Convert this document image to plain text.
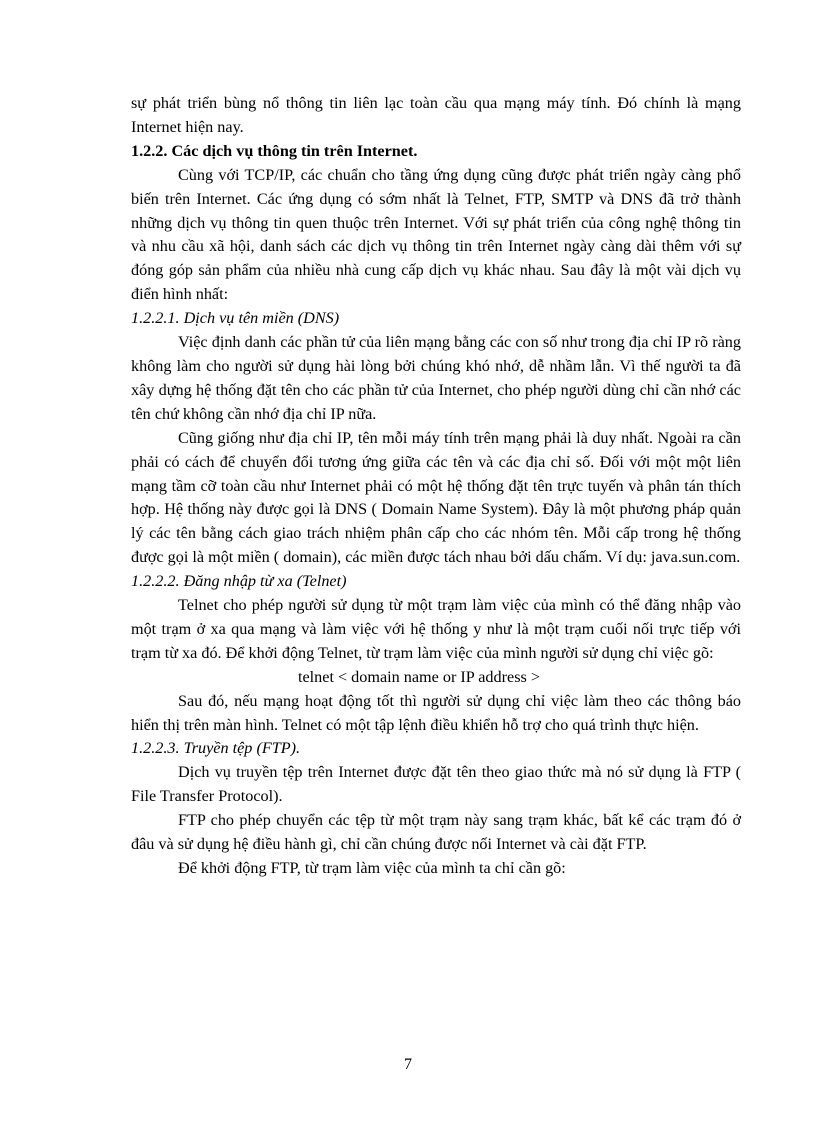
sự phát triển bùng nổ thông tin liên lạc toàn cầu qua mạng máy tính. Đó chính là mạng Internet hiện nay.

1.2.2. Các dịch vụ thông tin trên Internet.

Cùng với TCP/IP, các chuẩn cho tầng ứng dụng cũng được phát triển ngày càng phổ biến trên Internet. Các ứng dụng có sớm nhất là Telnet, FTP, SMTP và DNS đã trở thành những dịch vụ thông tin quen thuộc trên Internet. Với sự phát triển của công nghệ thông tin và nhu cầu xã hội, danh sách các dịch vụ thông tin trên Internet ngày càng dài thêm với sự đóng góp sản phẩm của nhiều nhà cung cấp dịch vụ khác nhau. Sau đây là một vài dịch vụ điển hình nhất:

1.2.2.1. Dịch vụ tên miền (DNS)

Việc định danh các phần tử của liên mạng bằng các con số như trong địa chỉ IP rõ ràng không làm cho người sử dụng hài lòng bởi chúng khó nhớ, dễ nhầm lẫn. Vì thế người ta đã xây dựng hệ thống đặt tên cho các phần tử của Internet, cho phép người dùng chỉ cần nhớ các tên chứ không cần nhớ địa chỉ IP nữa.

Cũng giống như địa chỉ IP, tên mỗi máy tính trên mạng phải là duy nhất. Ngoài ra cần phải có cách để chuyển đổi tương ứng giữa các tên và các địa chỉ số. Đối với một một liên mạng tầm cỡ toàn cầu như Internet phải có một hệ thống đặt tên trực tuyến và phân tán thích hợp. Hệ thống này được gọi là DNS ( Domain Name System). Đây là một phương pháp quản lý các tên bằng cách giao trách nhiệm phân cấp cho các nhóm tên. Mỗi cấp trong hệ thống được gọi là một miền ( domain), các miền được tách nhau bởi dấu chấm. Ví dụ: java.sun.com.

1.2.2.2. Đăng nhập từ xa (Telnet)

Telnet cho phép người sử dụng từ một trạm làm việc của mình có thể đăng nhập vào một trạm ở xa qua mạng và làm việc với hệ thống y như là một trạm cuối nối trực tiếp với trạm từ xa đó. Để khởi động Telnet, từ trạm làm việc của mình người sử dụng chỉ việc gõ:

telnet < domain name or IP address >

Sau đó, nếu mạng hoạt động tốt thì người sử dụng chỉ việc làm theo các thông báo hiển thị trên màn hình. Telnet có một tập lệnh điều khiển hỗ trợ cho quá trình thực hiện.

1.2.2.3. Truyền tệp (FTP).

Dịch vụ truyền tệp trên Internet được đặt tên theo giao thức mà nó sử dụng là FTP ( File Transfer Protocol).

FTP cho phép chuyển các tệp từ một trạm này sang trạm khác, bất kể các trạm đó ở đâu và sử dụng hệ điều hành gì, chỉ cần chúng được nối Internet và cài đặt FTP.

Để khởi động FTP, từ trạm làm việc của mình ta chỉ cần gõ:

7
